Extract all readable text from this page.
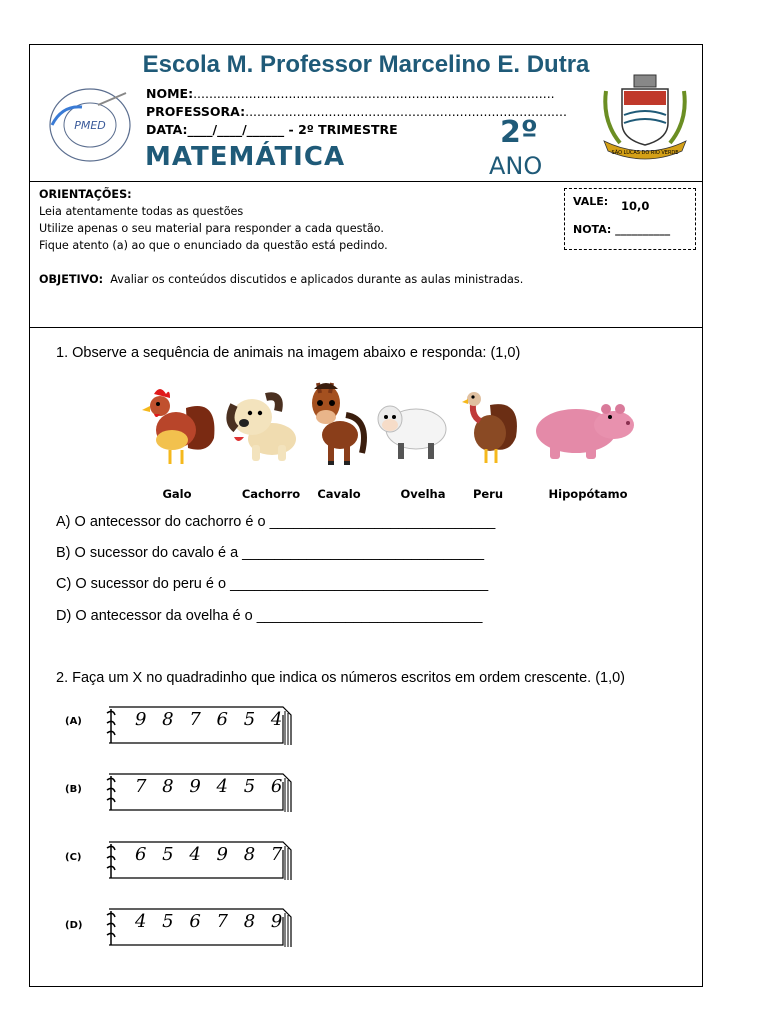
Escola M. Professor Marcelino E. Dutra
PMED
NOME:...........................................................................................
PROFESSORA:.................................................................................
DATA:____/____/______ - 2º TRIMESTRE
MATEMÁTICA
2º
ANO	SÃO LUCAS DO RIO VERDE
ORIENTAÇÕES:
Leia atentamente todas as questões
Utilize apenas o seu material para responder a cada questão.
Fique atento (a) ao que o enunciado da questão está pedindo.
OBJETIVO: Avaliar os conteúdos discutidos e aplicados durante as aulas ministradas.
VALE: 10,0
NOTA: __________
1. Observe a sequência de animais na imagem abaixo e responda: (1,0)
Galo	Cachorro Cavalo	Ovelha Peru	Hipopótamo
A) O antecessor do cachorro é o ____________________________
B) O sucessor do cavalo é a ______________________________
C) O sucessor do peru é o ________________________________
D) O antecessor da ovelha é o ____________________________
2. Faça um X no quadradinho que indica os números escritos em ordem crescente. (1,0)
(A)	9 8 7 6 5 4
(B)	7 8 9 4 5 6
(C)	6 5 4 9 8 7
(D)	4 5 6 7 8 9
